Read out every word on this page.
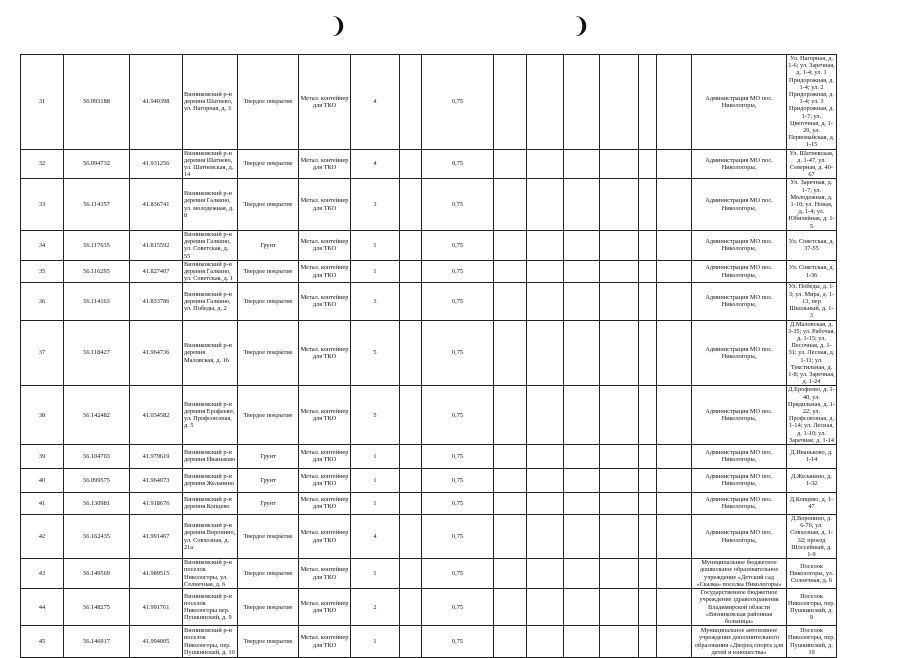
❩	❩
31	56.093188	41.940398	Вязниковский р-н деревня Шатнево, ул. Нагорная, д. 3	Твердое покрытие	Метал. контейнер для ТКО	4		0,75							Администрация МО пос. Никологоры,	Ул. Нагорная, д. 1-6; ул. Заречная, д. 1-4; ул. 1 Придорожная, д. 1-4; ул. 2 Придорожная, д. 1-4; ул. 3 Придорожная, д. 1-7; ул. Цветочная, д. 1-20, ул. Первомайская, д. 1-15
32	56.094732	41.931256	Вязниковский р-н деревня Шатнево, ул. Шатневская, д. 14	Твердое покрытие	Метал. контейнер для ТКО	4		0,75							Администрация МО пос. Никологоры,	Ул. Шатневская, д. 1-47, ул. Северная, д. 40-67
33	56.114357	41.836741	Вязниковский р-н деревня Галкино, ул. молодежная, д. 8	Твердое покрытие	Метал. контейнер для ТКО	3		0,75							Администрация МО пос. Никологоры,	Ул. Заречная, д. 1-7; ул. Молодежная, д. 1-10; ул. Новая, д. 1-4; ул. Юбилейная, д. 1-5
34	56.117635	41.815592	Вязниковский р-н деревня Галкино, ул. Советская, д. 55	Грунт	Метал. контейнер для ТКО	1		0,75							Администрация МО пос. Никологоры,	Ул. Советская, д. 37-55
35	56.116295	41.827407	Вязниковский р-н деревня Галкино, ул. Советская, д. 1	Твердое покрытие	Метал. контейнер для ТКО	1		0,75							Администрация МО пос. Никологоры,	Ул. Советская, д. 1-36
36	56.114163	41.833786	Вязниковский р-н деревня Галкино, ул. Победы, д. 2	Твердое покрытие	Метал. контейнер для ТКО	3		0,75							Администрация МО пос. Никологоры,	Ул. Победы, д. 1-3; ул. Мира, д. 1-13, пер Школьный, д. 1-3
37	56.118427	41.964736	Вязниковский р-н деревня Маловская, д. 16	Твердое покрытие	Метал. контейнер для ТКО	5		0,75							Администрация МО пос. Никологоры,	Д.Маловская, д. 3-35; ул. Рабочая, д. 1-15; ул. Песочная, д. 1-31; ул. Лесная, д. 1-11; ул. Текстильная, д. 1-8; ул. Заречная, д. 1-24
38	56.142482	41.034582	Вязниковский р-н деревня Ерофеево, ул. Профсоюзная, д. 5	Твердое покрытие	Метал. контейнер для ТКО	5		0,75							Администрация МО пос. Никологоры,	Д.Ерофеево, д. 1-40, ул. Прядильная, д. 1-22; ул. Профсоюзная, д. 1-14; ул. Лесная, д. 1-10; ул. Заречная, д. 1-14
39	56.104703	41.979619	Вязниковский р-н деревня Иваньково	Грунт	Метал. контейнер для ТКО	1		0,75							Администрация МО пос. Никологоры,	Д.Иваньково, д. 1-14
40	56.099575	41.964073	Вязниковский р-н деревня Желанино	Грунт	Метал. контейнер для ТКО	1		0,75							Администрация МО пос. Никологоры,	Д.Желанино, д. 1-32
41	56.130981	41.918676	Вязниковский р-н деревня Копцево	Грунт	Метал. контейнер для ТКО	1		0,75							Администрация МО пос. Никологоры,	Д.Копцево, д. 1-47
42	56.162435	41.991467	Вязниковский р-н деревня Воронино, ул. Совхозная, д. 21а	Твердое покрытие	Метал. контейнер для ТКО	4		0,75							Администрация МО пос. Никологоры,	Д.Воронино, д. 6-76; ул. Совхозная, д. 1-32; проезд Шоссейный, д. 1-9
43	56.149569	41.989515	Вязниковский р-н поселок Никологоры, ул. Солнечная, д. 6	Твердое покрытие	Метал. контейнер для ТКО	1		0,75							Муниципальное бюджетное дошкольное образовательное учреждение «Детский сад «Сказка» поселка Никологоры»	Поселок Никологоры, ул. Солнечная, д. 6
44	56.148275	41.991761	Вязниковский р-н поселок Никологоры пер. Пушкинский, д. 9	Твердое покрытие	Метал. контейнер для ТКО	2		0,75							Государственное бюджетное учреждение здравоохранения Владимирской области «Вязниковская районная больница»	Поселок Никологоры, пер. Пушкинский, д. 9
45	56.146917	41.994005	Вязниковский р-н поселок Никологоры, пер. Пушкинский, д. 10	Твердое покрытие	Метал. контейнер для ТКО	1		0,75							Муниципальное автономное учреждение дополнительного образования «Дворец спорта для детей и юношества»	Поселок Никологоры, пер. Пушкинский, д. 10
